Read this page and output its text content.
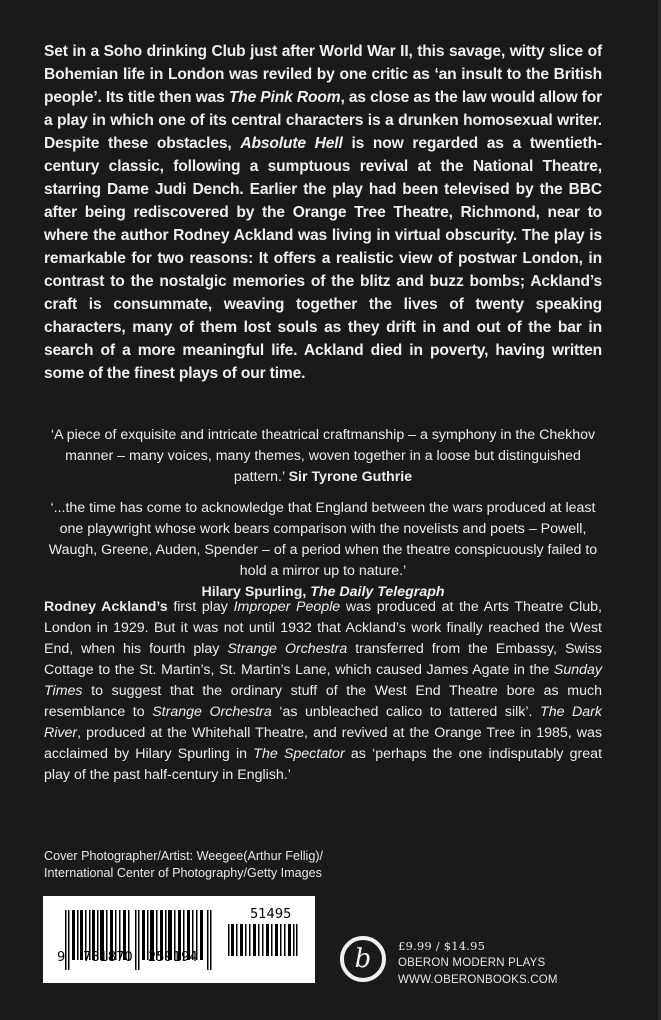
Set in a Soho drinking Club just after World War II, this savage, witty slice of Bohemian life in London was reviled by one critic as ‘an insult to the British people’. Its title then was The Pink Room, as close as the law would allow for a play in which one of its central characters is a drunken homosexual writer. Despite these obstacles, Absolute Hell is now regarded as a twentieth-century classic, following a sumptuous revival at the National Theatre, starring Dame Judi Dench. Earlier the play had been televised by the BBC after being rediscovered by the Orange Tree Theatre, Richmond, near to where the author Rodney Ackland was living in virtual obscurity. The play is remarkable for two reasons: It offers a realistic view of postwar London, in contrast to the nostalgic memories of the blitz and buzz bombs; Ackland’s craft is consummate, weaving together the lives of twenty speaking characters, many of them lost souls as they drift in and out of the bar in search of a more meaningful life. Ackland died in poverty, having written some of the finest plays of our time.

‘A piece of exquisite and intricate theatrical craftmanship – a symphony in the Chekhov manner – many voices, many themes, woven together in a loose but distinguished pattern.’ Sir Tyrone Guthrie

‘...the time has come to acknowledge that England between the wars produced at least one playwright whose work bears comparison with the novelists and poets – Powell, Waugh, Greene, Auden, Spender – of a period when the theatre conspicuously failed to hold a mirror up to nature.’
Hilary Spurling, The Daily Telegraph

Rodney Ackland’s first play Improper People was produced at the Arts Theatre Club, London in 1929. But it was not until 1932 that Ackland’s work finally reached the West End, when his fourth play Strange Orchestra transferred from the Embassy, Swiss Cottage to the St. Martin’s, St. Martin’s Lane, which caused James Agate in the Sunday Times to suggest that the ordinary stuff of the West End Theatre bore as much resemblance to Strange Orchestra ‘as unbleached calico to tattered silk’. The Dark River, produced at the Whitehall Theatre, and revived at the Orange Tree in 1985, was acclaimed by Hilary Spurling in The Spectator as ‘perhaps the one indisputably great play of the past half-century in English.’

Cover Photographer/Artist: Weegee(Arthur Fellig)/
International Center of Photography/Getty Images

9 781870 259194
51495
b £9.99 / $14.95
OBERON MODERN PLAYS
WWW.OBERONBOOKS.COM
